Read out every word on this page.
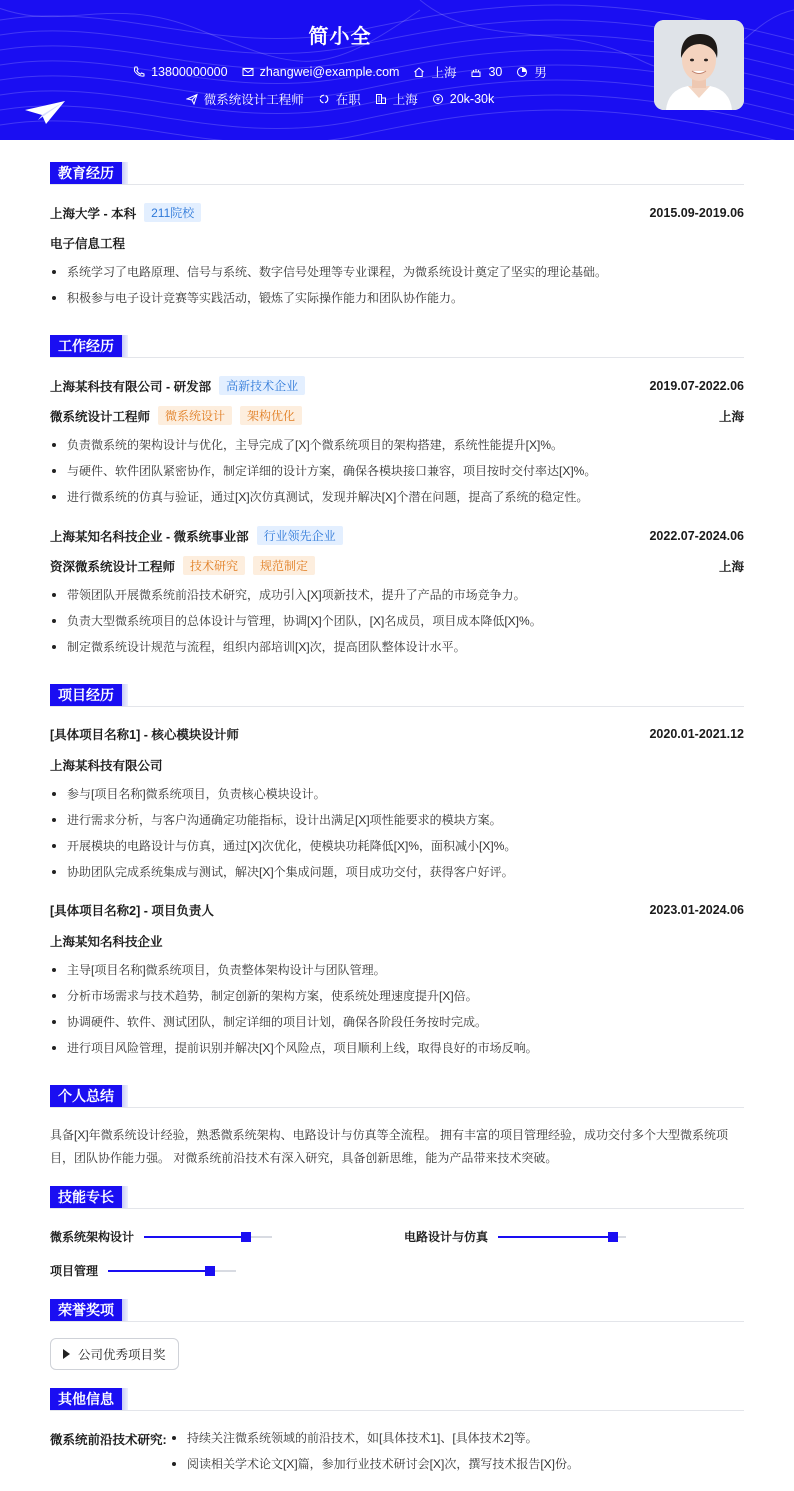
简小全
13800000000	zhangwei@example.com	上海	30	男
微系统设计工程师	在职	上海	20k-30k
教育经历
上海大学 - 本科	211院校	2015.09-2019.06
电子信息工程
系统学习了电路原理、信号与系统、数字信号处理等专业课程，为微系统设计奠定了坚实的理论基础。
积极参与电子设计竞赛等实践活动，锻炼了实际操作能力和团队协作能力。
工作经历
上海某科技有限公司 - 研发部	高新技术企业	2019.07-2022.06
微系统设计工程师	微系统设计	架构优化	上海
负责微系统的架构设计与优化，主导完成了[X]个微系统项目的架构搭建，系统性能提升[X]%。
与硬件、软件团队紧密协作，制定详细的设计方案，确保各模块接口兼容，项目按时交付率达[X]%。
进行微系统的仿真与验证，通过[X]次仿真测试，发现并解决[X]个潜在问题，提高了系统的稳定性。
上海某知名科技企业 - 微系统事业部	行业领先企业	2022.07-2024.06
资深微系统设计工程师	技术研究	规范制定	上海
带领团队开展微系统前沿技术研究，成功引入[X]项新技术，提升了产品的市场竞争力。
负责大型微系统项目的总体设计与管理，协调[X]个团队，[X]名成员，项目成本降低[X]%。
制定微系统设计规范与流程，组织内部培训[X]次，提高团队整体设计水平。
项目经历
[具体项目名称1] - 核心模块设计师	2020.01-2021.12
上海某科技有限公司
参与[项目名称]微系统项目，负责核心模块设计。
进行需求分析，与客户沟通确定功能指标，设计出满足[X]项性能要求的模块方案。
开展模块的电路设计与仿真，通过[X]次优化，使模块功耗降低[X]%，面积减小[X]%。
协助团队完成系统集成与测试，解决[X]个集成问题，项目成功交付，获得客户好评。
[具体项目名称2] - 项目负责人	2023.01-2024.06
上海某知名科技企业
主导[项目名称]微系统项目，负责整体架构设计与团队管理。
分析市场需求与技术趋势，制定创新的架构方案，使系统处理速度提升[X]倍。
协调硬件、软件、测试团队，制定详细的项目计划，确保各阶段任务按时完成。
进行项目风险管理，提前识别并解决[X]个风险点，项目顺利上线，取得良好的市场反响。
个人总结
具备[X]年微系统设计经验，熟悉微系统架构、电路设计与仿真等全流程。 拥有丰富的项目管理经验，成功交付多个大型微系统项目，团队协作能力强。 对微系统前沿技术有深入研究，具备创新思维，能为产品带来技术突破。
技能专长
微系统架构设计	电路设计与仿真
项目管理
荣誉奖项
公司优秀项目奖
其他信息
微系统前沿技术研究:	持续关注微系统领域的前沿技术，如[具体技术1]、[具体技术2]等。
阅读相关学术论文[X]篇，参加行业技术研讨会[X]次，撰写技术报告[X]份。
